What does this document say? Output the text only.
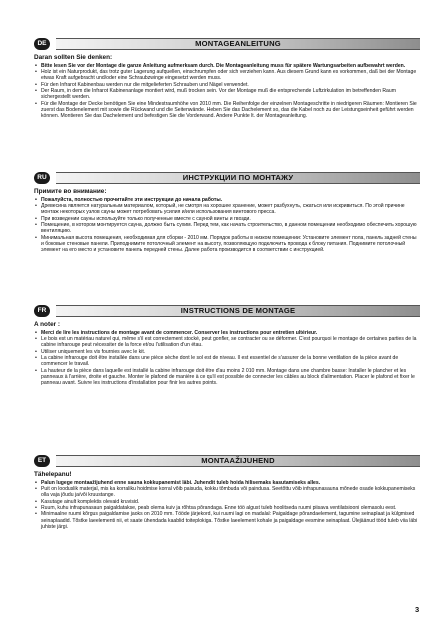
DE	MONTAGEANLEITUNG
Daran sollten Sie denken:
• Bitte lesen Sie vor der Montage die ganze Anleitung aufmerksam durch. Die Montageanleitung muss für spätere Wartungsarbeiten aufbewahrt werden.
• Holz ist ein Naturprodukt, das trotz guter Lagerung aufquellen, einschrumpfen oder sich verziehen kann. Aus diesem Grund kann es vorkommen, daß bei der Montage etwas Kraft aufgebracht und/oder eine Schraubzwinge eingesetzt werden muss.
• Für den Infrarot Kabinenbau werden nur die mitgelieferten Schrauben und Nägel verwendet.
• Der Raum, in dem die Infrarot Kabinenanlage montiert wird, muß trocken sein. Vor der Montage muß die entsprechende Luftzirkulation im betreffenden Raum sichergestellt werden.
• Für die Montage der Decke benötigen Sie eine Mindestraumhöhe von 2010 mm. Die Reihenfolge der einzelnen Montageschritte in niedrigeren Räumen: Montieren Sie zuerst das Bodenelement mit sowie die Rückwand und die Seitenwände. Heben Sie das Dachelement so, das die Kabel noch zu der Leistungseinheit geführt werden können. Montieren Sie das Dachelement und befestigen Sie die Vorderwand. Andere Punkte lt. der Montageanleitung.
RU	ИНСТРУКЦИИ ПО МОНТАЖУ
Примите во внимание:
• Пожалуйста, полностью прочитайте эти инструкции до начала работы.
• Древесина является натуральным материалом, который, не смотря на хорошее хранение, может разбухнуть, сжаться или искривиться. По этой причине монтаж некоторых узлов сауны может потребовать усилия и/или использования винтового пресса.
• При возведении сауны используйте только полученные вместе с сауной винты и гвозди.
• Помещение, в котором монтируется сауна, должно быть сухим. Перед тем, как начать строительство, в данном помещении необходимо обеспечить хорошую вентиляцию.
• Минимальная высота помещения, необходимая для сборки - 2010 мм. Порядок работы в низком помещении: Установите элемент пола, панель задней стены и боковые стеновые панели. Приподнимите потолочный элемент на высоту, позволяющую подключить провода к блоку питания. Поднимите потолочный элемент на его место и установите панель передней стены. Далее работа производится в соответствии с инструкцией.
FR	INSTRUCTIONS DE MONTAGE
A noter :
• Merci de lire les instructions de montage avant de commencer. Conserver les instructions pour entretien ultérieur.
• Le bois est un matériau naturel qui, même s'il est correctement stocké, peut gonfler, se contracter ou se déformer. C'est pourquoi le montage de certaines parties de la cabine infrarouge peut nécessiter de la force et/ou l'utilisation d'un étau.
• Utiliser uniquement les vis fournies avec le kit.
• La cabine infrarouge doit être installée dans une pièce sèche dont le sol est de niveau. Il est essentiel de s'assurer de la bonne ventilation de la pièce avant de commencer le travail.
• La hauteur de la pièce dans laquelle est installé la cabine infrarouge doit être d'au moins 2 010 mm. Montage dans une chambre basse: Installer le plancher et les panneaux à l'arrière, droite et gauche. Monter le plafond de manière à ce qu'il est possible de connecter les câbles au block d'alimentation. Placer le plafond et fixer le panneau avant. Suivre les instructions d'installation pour finir les autres points.
ET	MONTAAŽIJUHEND
Tähelepanu!
• Palun lugege montaažijuhend enne sauna kokkupanemist läbi. Juhendit tuleb hoida hilisemaks kasutamiseks alles.
• Puit on looduslik materjal, mis ka korraliku hoidmise korral võib paisuda, kokku tõmbuda või paindusa. Seetõttu võib infrapunasauna mõnede osade kokkupanemiseks olla vaja jõudu ja/või kruustange.
• Kasutage ainult komplektis olevaid kruvisid.
• Ruum, kuhu infrapunasaun paigaldatakse, peab olema kuiv ja rõhtsa põrandaga. Enne töö algust tuleb hoolitseda ruumi piisava ventilatsiooni olemasolu eest.
• Minimaalne ruumi kõrgus paigaldamise jaoks on 2010 mm. Tööde järjekord, kui ruumi lagi on madalal: Paigaldage põrandaelement, tagumine seinaplaat ja külgmised seinaplaadid. Tõstke laeelementi nii, et saate ühendada kaablid toiteplokiga. Tõstke laeelement kohale ja paigaldage eesmine seinaplaat. Ülejäänud tööd tuleb viia läbi juhiste järgi.
3
